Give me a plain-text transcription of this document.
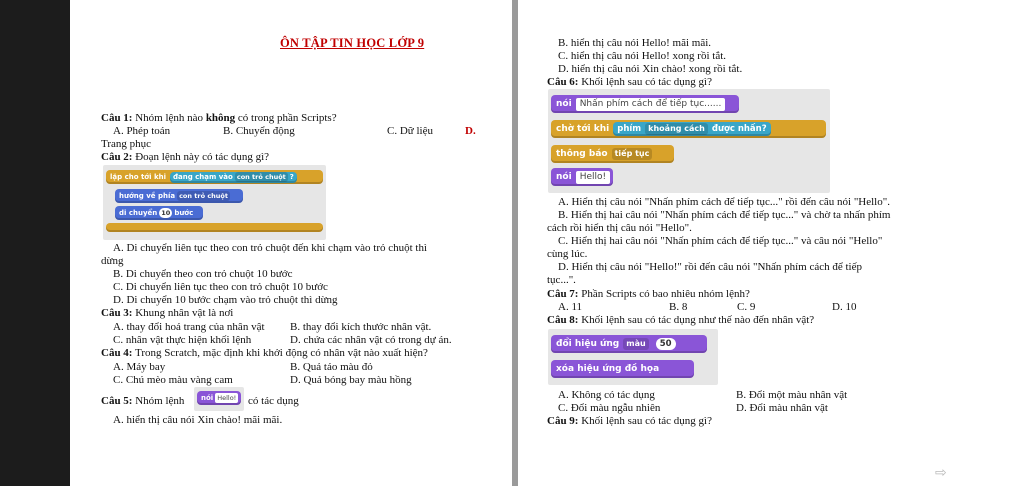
ÔN TẬP TIN HỌC LỚP 9
Câu 1: Nhóm lệnh nào không có trong phần Scripts?
A. Phép toán	B. Chuyển động	C. Dữ liệu	D.
Trang phục
Câu 2: Đoạn lệnh này có tác dụng gì?
lặp cho tới khi đang chạm vào con trỏ chuột ?
hướng về phía con trỏ chuột
di chuyển 10 bước
A. Di chuyển liên tục theo con trỏ chuột đến khi chạm vào trỏ chuột thì
dừng
B. Di chuyển theo con trỏ chuột 10 bước
C. Di chuyển liên tục theo con trỏ chuột 10 bước
D. Di chuyển 10 bước chạm vào trỏ chuột thì dừng
Câu 3: Khung nhân vật là nơi
A. thay đổi hoá trang của nhân vật B. thay đổi kích thước nhân vật.
C. nhân vật thực hiện khối lệnh	D. chứa các nhân vật có trong dự án.
Câu 4: Trong Scratch, mặc định khi khởi động có nhân vật nào xuất hiện?
A. Máy bay	B. Quả táo màu đỏ
C. Chú mèo màu vàng cam	D. Quả bóng bay màu hồng
Câu 5: Nhóm lệnh nói Hello! có tác dụng
A. hiển thị câu nói Xin chào! mãi mãi.
B. hiển thị câu nói Hello! mãi mãi.
C. hiển thị câu nói Hello! xong rồi tắt.
D. hiển thị câu nói Xin chào! xong rồi tắt.
Câu 6: Khối lệnh sau có tác dụng gì?
nói Nhấn phím cách để tiếp tục......
chờ tới khi phím khoảng cách được nhấn?
thông báo tiếp tục
nói Hello!
A. Hiển thị câu nói "Nhấn phím cách để tiếp tục..." rồi đến câu nói "Hello".
B. Hiển thị hai câu nói "Nhấn phím cách để tiếp tục..." và chờ ta nhấn phím
cách rồi hiển thị câu nói "Hello".
C. Hiển thị hai câu nói "Nhấn phím cách để tiếp tục..." và câu nói "Hello"
cùng lúc.
D. Hiển thị câu nói "Hello!" rồi đến câu nói "Nhấn phím cách để tiếp
tục...".
Câu 7: Phần Scripts có bao nhiêu nhóm lệnh?
A. 11	B. 8	C. 9	D. 10
Câu 8: Khối lệnh sau có tác dụng như thế nào đến nhân vật?
đổi hiệu ứng màu	50
xóa hiệu ứng đồ họa
A. Không có tác dụng	B. Đổi một màu nhân vật
C. Đổi màu ngẫu nhiên	D. Đổi màu nhân vật
Câu 9: Khối lệnh sau có tác dụng gì?
⇨
